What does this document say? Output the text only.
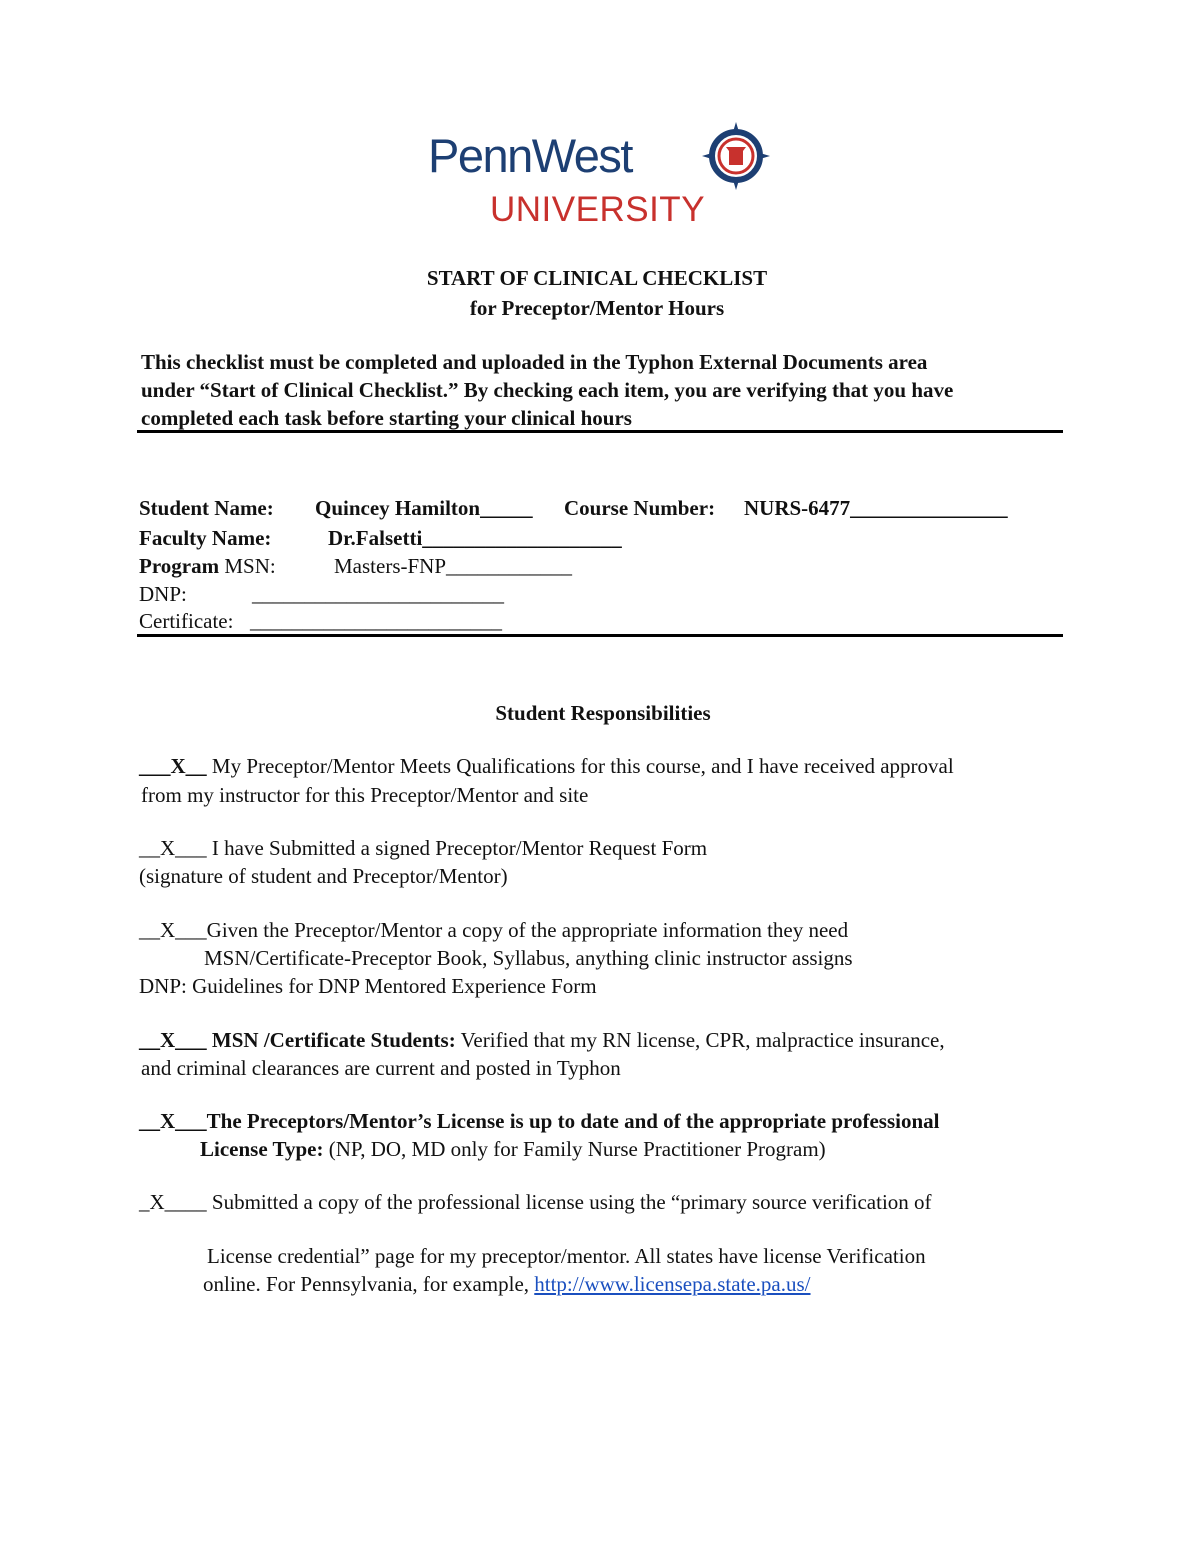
PennWest
UNIVERSITY
START OF CLINICAL CHECKLIST
for Preceptor/Mentor Hours
This checklist must be completed and uploaded in the Typhon External Documents area
under “Start of Clinical Checklist.” By checking each item, you are verifying that you have
completed each task before starting your clinical hours
Student Name: Quincey Hamilton_____ Course Number: NURS-6477_______________
Faculty Name:	Dr.Falsetti___________________
Program MSN:	Masters-FNP____________
DNP:	________________________
Certificate: ________________________
Student Responsibilities
___X__ My Preceptor/Mentor Meets Qualifications for this course, and I have received approval
from my instructor for this Preceptor/Mentor and site
__X___ I have Submitted a signed Preceptor/Mentor Request Form
(signature of student and Preceptor/Mentor)
__X___Given the Preceptor/Mentor a copy of the appropriate information they need
MSN/Certificate-Preceptor Book, Syllabus, anything clinic instructor assigns
DNP: Guidelines for DNP Mentored Experience Form
__X___ MSN /Certificate Students: Verified that my RN license, CPR, malpractice insurance,
and criminal clearances are current and posted in Typhon
__X___The Preceptors/Mentor’s License is up to date and of the appropriate professional
License Type: (NP, DO, MD only for Family Nurse Practitioner Program)
_X____ Submitted a copy of the professional license using the “primary source verification of
License credential” page for my preceptor/mentor. All states have license Verification
online. For Pennsylvania, for example, http://www.licensepa.state.pa.us/
